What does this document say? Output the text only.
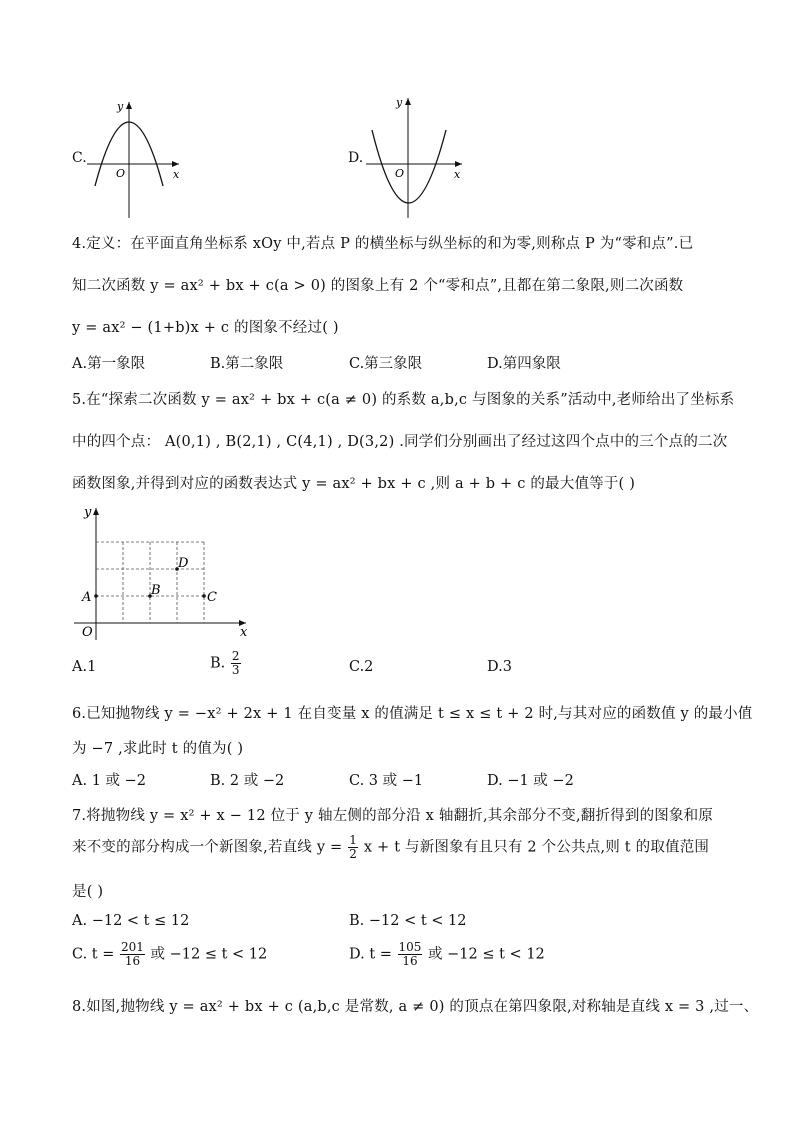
C.
y
x
O
D.
y
x
O
4.定义：在平面直角坐标系 xOy 中,若点 P 的横坐标与纵坐标的和为零,则称点 P 为“零和点”.已
知二次函数 y = ax² + bx + c(a > 0) 的图象上有 2 个“零和点”,且都在第二象限,则二次函数
y = ax² − (1+b)x + c 的图象不经过( )
A.第一象限	B.第二象限	C.第三象限	D.第四象限
5.在“探索二次函数 y = ax² + bx + c(a ≠ 0) 的系数 a,b,c 与图象的关系”活动中,老师给出了坐标系
中的四个点： A(0,1) , B(2,1) , C(4,1) , D(3,2) .同学们分别画出了经过这四个点中的三个点的二次
函数图象,并得到对应的函数表达式 y = ax² + bx + c ,则 a + b + c 的最大值等于( )
y
x
O
A	B	C
D
A.1	B. $\frac{2}{3}$	C.2	D.3
6.已知抛物线 y = −x² + 2x + 1 在自变量 x 的值满足 t ≤ x ≤ t + 2 时,与其对应的函数值 y 的最小值
为 −7 ,求此时 t 的值为( )
A. 1 或 −2	B. 2 或 −2	C. 3 或 −1	D. −1 或 −2
7.将抛物线 y = x² + x − 12 位于 y 轴左侧的部分沿 x 轴翻折,其余部分不变,翻折得到的图象和原
来不变的部分构成一个新图象,若直线 $y = \frac{1}{2}$ x + t 与新图象有且只有 2 个公共点,则 t 的取值范围
是( )
A. −12 < t ≤ 12	B. −12 < t < 12
C. $t = \frac{201}{16}$ 或 −12 ≤ t < 12	D. $t = \frac{105}{16}$ 或 −12 ≤ t < 12
8.如图,抛物线 y = ax² + bx + c (a,b,c 是常数, a ≠ 0) 的顶点在第四象限,对称轴是直线 x = 3 ,过一、
